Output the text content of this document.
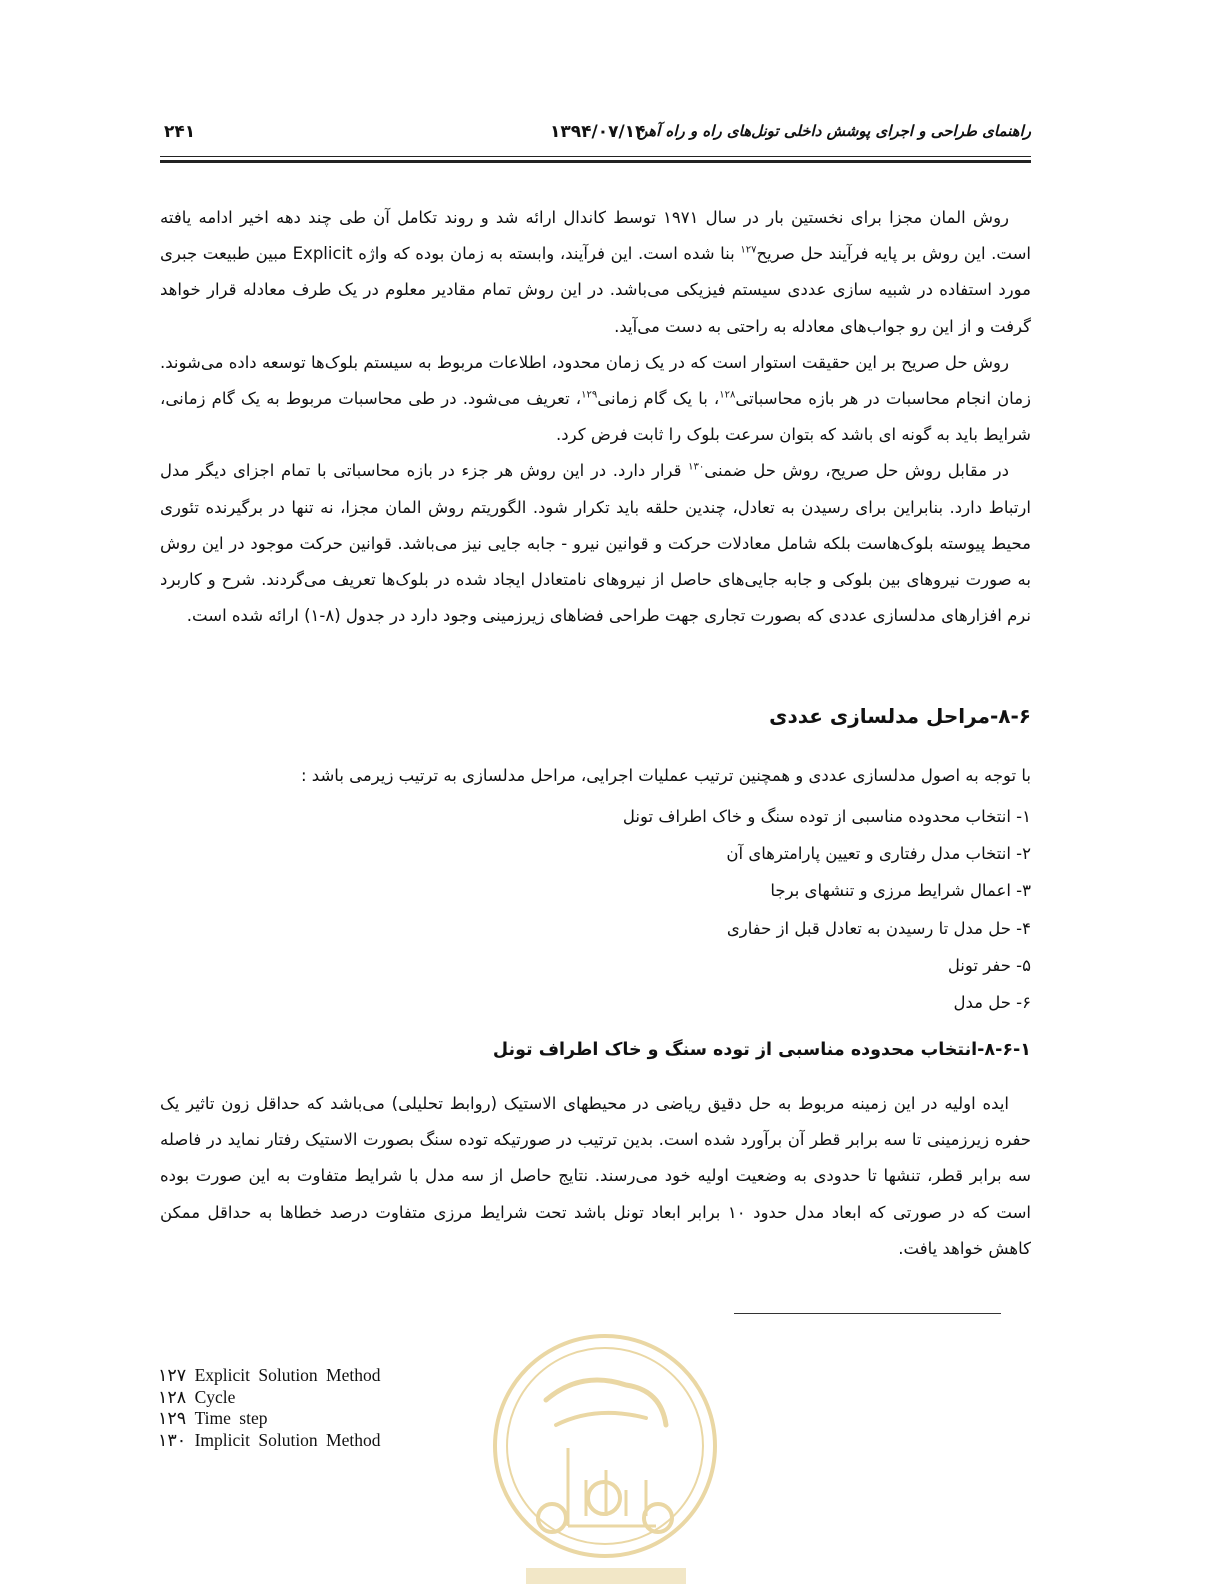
راهنمای طراحی و اجرای پوشش داخلی تونل‌های راه و راه آهن
۱۳۹۴/۰۷/۱۴
۲۴۱

روش المان مجزا برای نخستین بار در سال ۱۹۷۱ توسط کاندال ارائه شد و روند تکامل آن طی چند دهه اخیر ادامه یافته است. این روش بر پایه فرآیند حل صریح$^{۱۲۷}$ بنا شده است. این فرآیند، وابسته به زمان بوده که واژه Explicit مبین طبیعت جبری مورد استفاده در شبیه سازی عددی سیستم فیزیکی می‌باشد. در این روش تمام مقادیر معلوم در یک طرف معادله قرار خواهد گرفت و از این رو جواب‌های معادله به راحتی به دست می‌آید.

روش حل صریح بر این حقیقت استوار است که در یک زمان محدود، اطلاعات مربوط به سیستم بلوک‌ها توسعه داده می‌شوند. زمان انجام محاسبات در هر بازه محاسباتی$^{۱۲۸}$، با یک گام زمانی$^{۱۲۹}$، تعریف می‌شود. در طی محاسبات مربوط به یک گام زمانی، شرایط باید به گونه ای باشد که بتوان سرعت بلوک را ثابت فرض کرد.

در مقابل روش حل صریح، روش حل ضمنی$^{۱۳۰}$ قرار دارد. در این روش هر جزء در بازه محاسباتی با تمام اجزای دیگر مدل ارتباط دارد. بنابراین برای رسیدن به تعادل، چندین حلقه باید تکرار شود. الگوریتم روش المان مجزا، نه تنها در برگیرنده تئوری محیط پیوسته بلوک‌هاست بلکه شامل معادلات حرکت و قوانین نیرو - جابه جایی نیز می‌باشد. قوانین حرکت موجود در این روش به صورت نیروهای بین بلوکی و جابه جایی‌های حاصل از نیروهای نامتعادل ایجاد شده در بلوک‌ها تعریف می‌گردند. شرح و کاربرد نرم افزارهای مدلسازی عددی که بصورت تجاری جهت طراحی فضاهای زیرزمینی وجود دارد در جدول (۸-۱) ارائه شده است.

۸-۶-مراحل مدلسازی عددی
با توجه به اصول مدلسازی عددی و همچنین ترتیب عملیات اجرایی، مراحل مدلسازی به ترتیب زیرمی باشد :
۱- انتخاب محدوده مناسبی از توده سنگ و خاک اطراف تونل
۲- انتخاب مدل رفتاری و تعیین پارامترهای آن
۳- اعمال شرایط مرزی و تنشهای برجا
۴- حل مدل تا رسیدن به تعادل قبل از حفاری
۵- حفر تونل
۶- حل مدل
۸-۶-۱-انتخاب محدوده مناسبی از توده سنگ و خاک اطراف تونل

ایده اولیه در این زمینه مربوط به حل دقیق ریاضی در محیطهای الاستیک (روابط تحلیلی) می‌باشد که حداقل زون تاثیر یک حفره زیرزمینی تا سه برابر قطر آن برآورد شده است. بدین ترتیب در صورتیکه توده سنگ بصورت الاستیک رفتار نماید در فاصله سه برابر قطر، تنشها تا حدودی به وضعیت اولیه خود می‌رسند. نتایج حاصل از سه مدل با شرایط متفاوت به این صورت بوده است که در صورتی که ابعاد مدل حدود ۱۰ برابر ابعاد تونل باشد تحت شرایط مرزی متفاوت درصد خطاها به حداقل ممکن کاهش خواهد یافت.

۱۲۷ Explicit Solution Method
۱۲۸ Cycle
۱۲۹ Time step
۱۳۰ Implicit Solution Method
